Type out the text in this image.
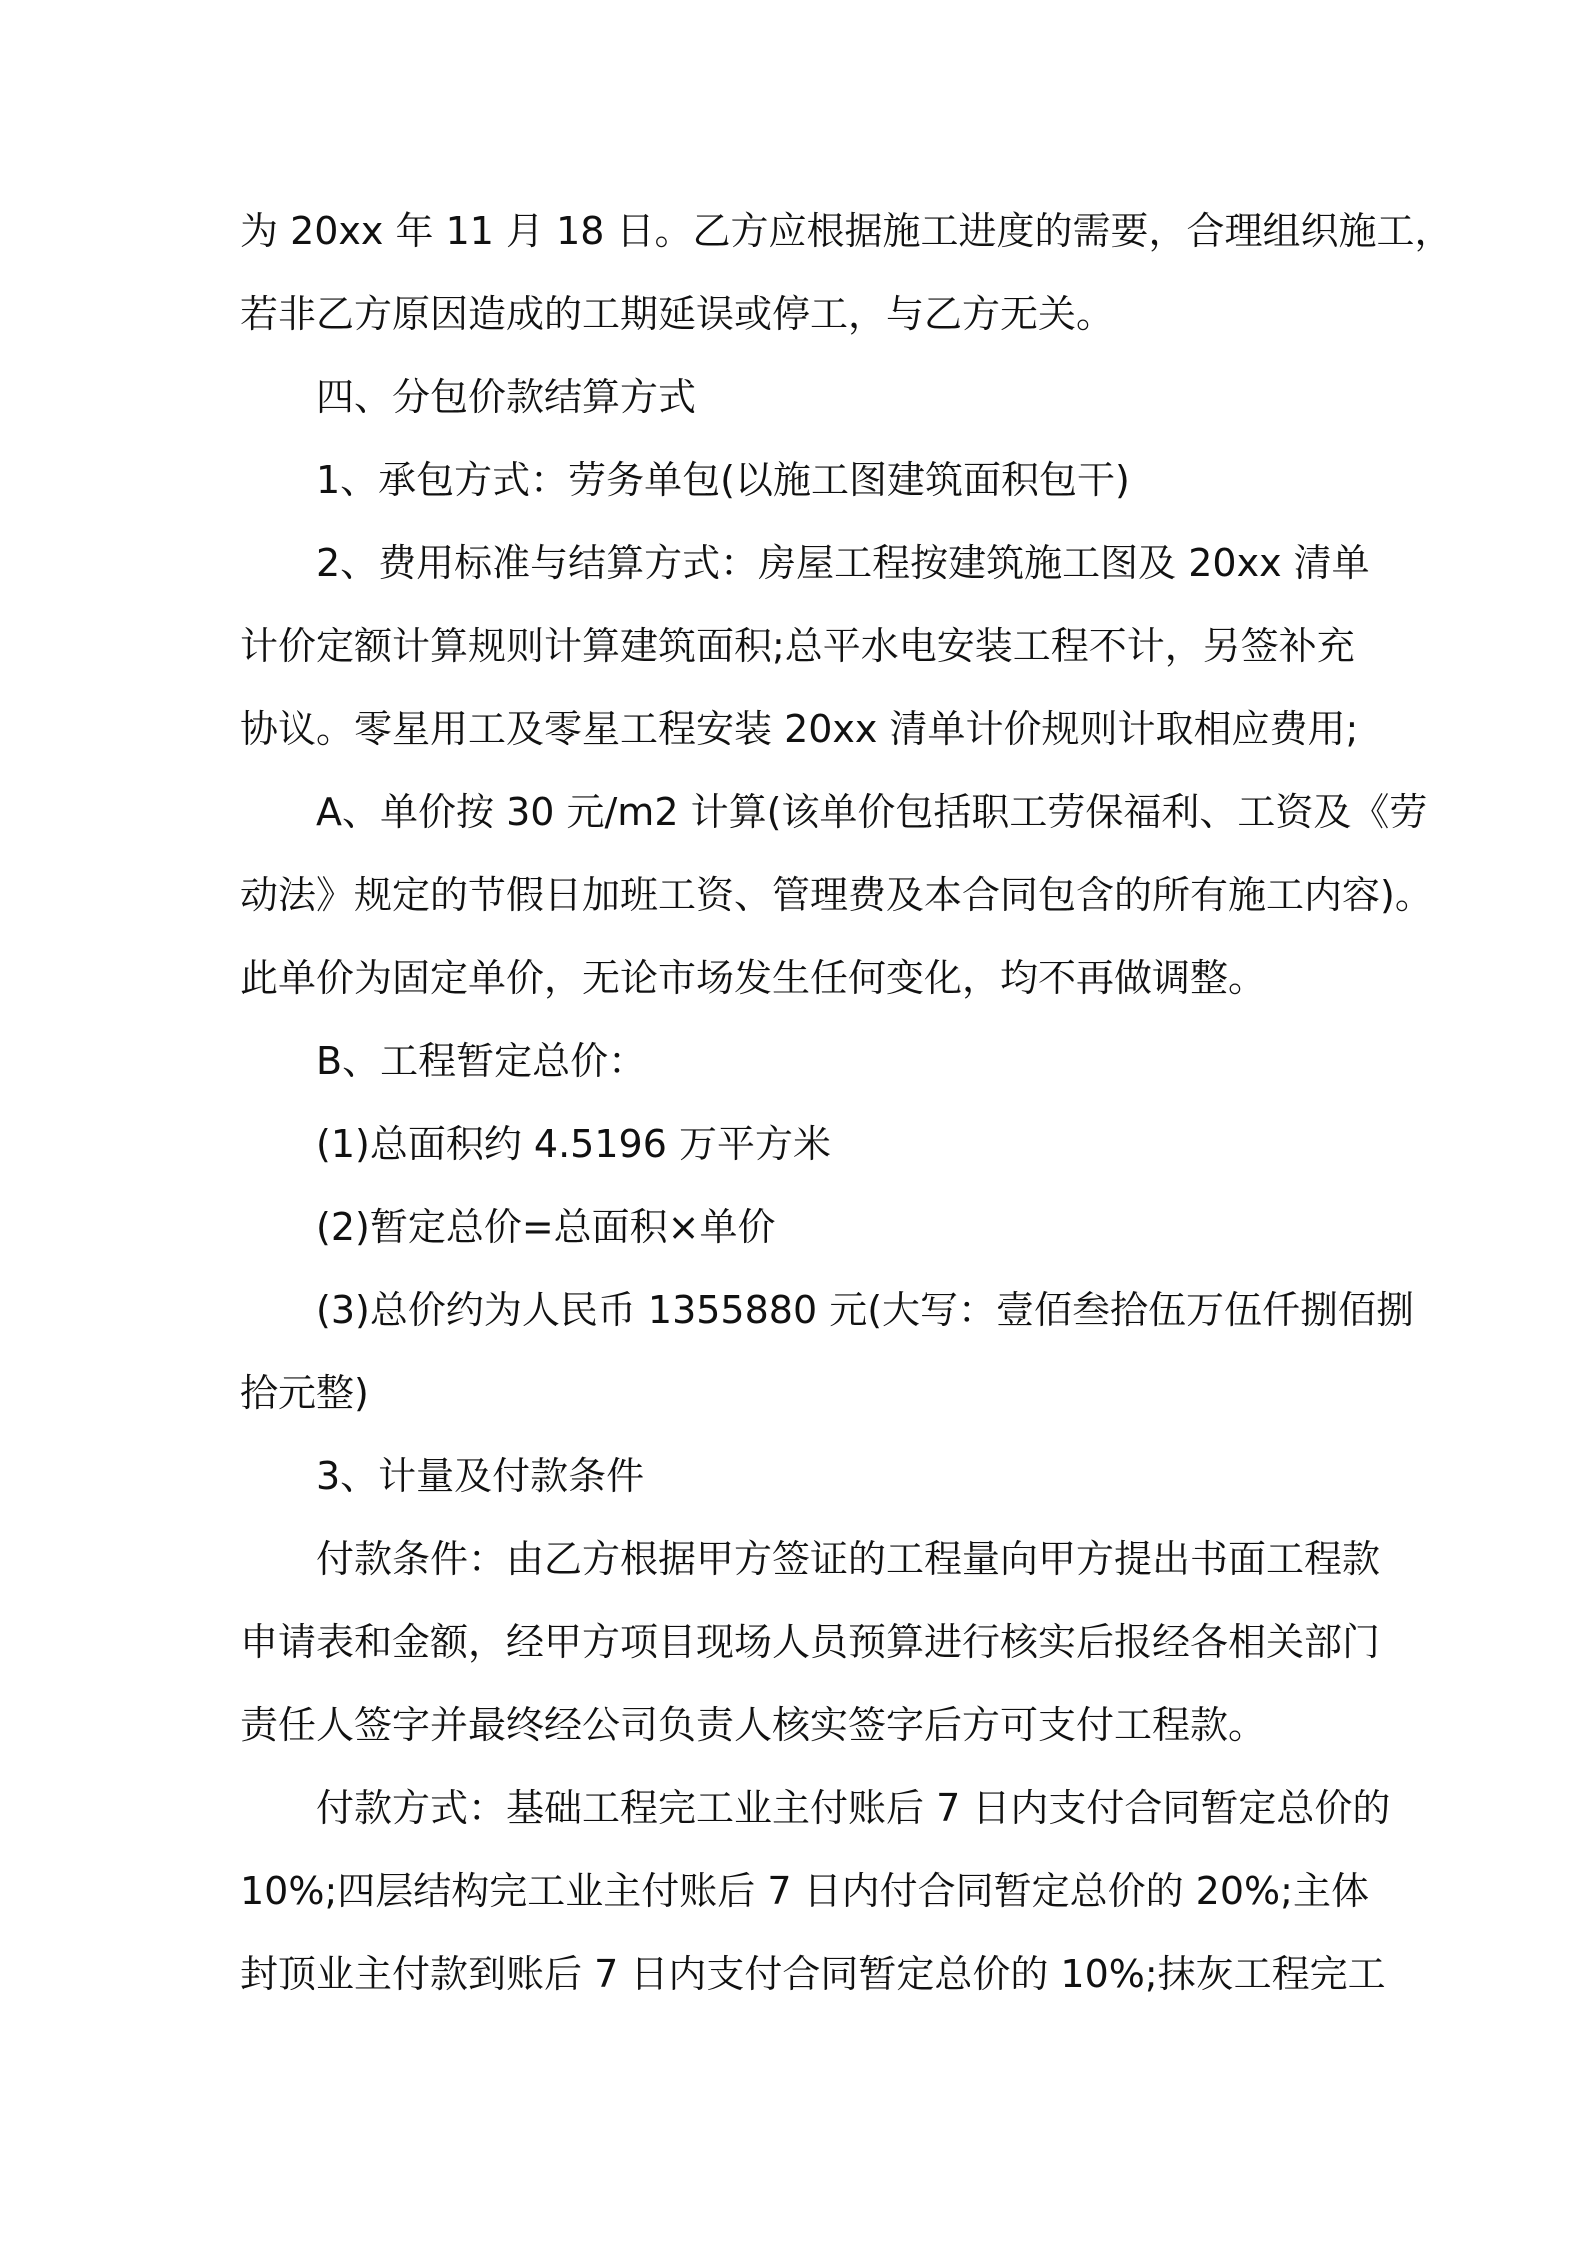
为 20xx 年 11 月 18 日。乙方应根据施工进度的需要，合理组织施工，
若非乙方原因造成的工期延误或停工，与乙方无关。
四、分包价款结算方式
1、承包方式：劳务单包(以施工图建筑面积包干)
2、费用标准与结算方式：房屋工程按建筑施工图及 20xx 清单
计价定额计算规则计算建筑面积;总平水电安装工程不计，另签补充
协议。零星用工及零星工程安装 20xx 清单计价规则计取相应费用;
A、单价按 30 元/m2 计算(该单价包括职工劳保福利、工资及《劳
动法》规定的节假日加班工资、管理费及本合同包含的所有施工内容)。
此单价为固定单价，无论市场发生任何变化，均不再做调整。
B、工程暂定总价：
(1)总面积约 4.5196 万平方米
(2)暂定总价=总面积×单价
(3)总价约为人民币 1355880 元(大写：壹佰叁拾伍万伍仟捌佰捌
拾元整)
3、计量及付款条件
付款条件：由乙方根据甲方签证的工程量向甲方提出书面工程款
申请表和金额，经甲方项目现场人员预算进行核实后报经各相关部门
责任人签字并最终经公司负责人核实签字后方可支付工程款。
付款方式：基础工程完工业主付账后 7 日内支付合同暂定总价的
10%;四层结构完工业主付账后 7 日内付合同暂定总价的 20%;主体
封顶业主付款到账后 7 日内支付合同暂定总价的 10%;抹灰工程完工
